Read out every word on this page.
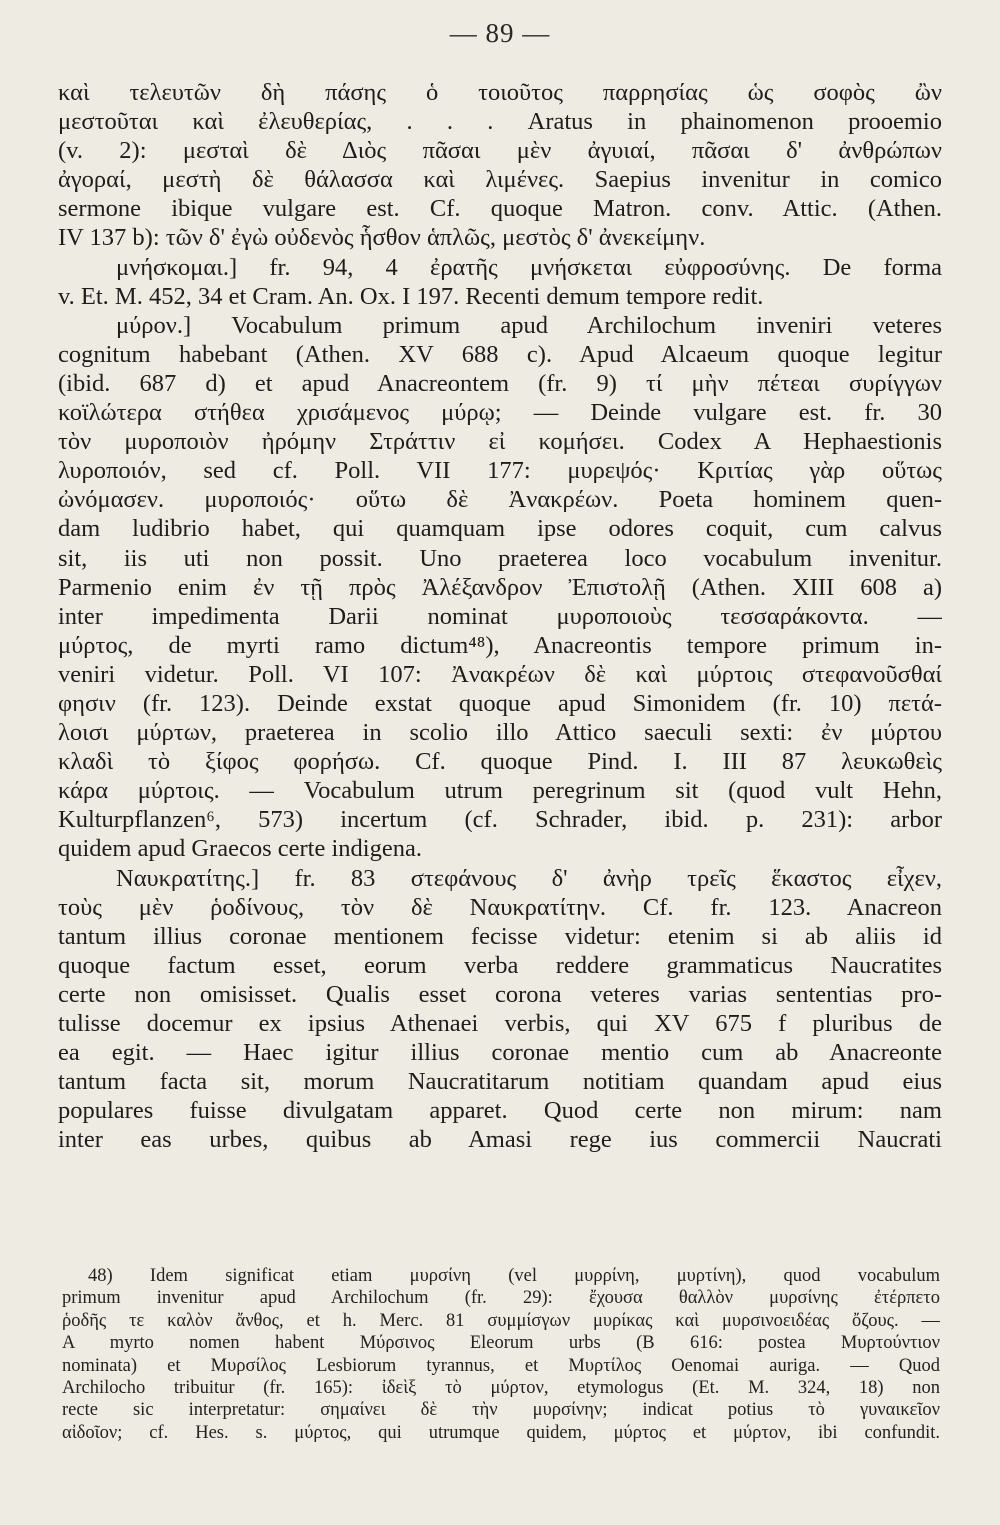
— 89 —
καὶ τελευτῶν δὴ πάσης ὁ τοιοῦτος παρρησίας ὡς σοφὸς ὢν
μεστοῦται καὶ ἐλευθερίας, . . . Aratus in phainomenon prooemio
(v. 2): μεσταὶ δὲ Διὸς πᾶσαι μὲν ἀγυιαί, πᾶσαι δ' ἀνθρώπων
ἀγοραί, μεστὴ δὲ θάλασσα καὶ λιμένες. Saepius invenitur in comico
sermone ibique vulgare est. Cf. quoque Matron. conv. Attic. (Athen.
IV 137 b): τῶν δ' ἐγὼ οὐδενὸς ἧσθον ἁπλῶς, μεστὸς δ' ἀνεκείμην.
μνήσκομαι.] fr. 94, 4 ἐρατῆς μνήσκεται εὐφροσύνης. De forma
v. Et. M. 452, 34 et Cram. An. Ox. I 197. Recenti demum tempore redit.
μύρον.] Vocabulum primum apud Archilochum inveniri veteres
cognitum habebant (Athen. XV 688 c). Apud Alcaeum quoque legitur
(ibid. 687 d) et apud Anacreontem (fr. 9) τί μὴν πέτεαι συρίγγων
κοϊλώτερα στήθεα χρισάμενος μύρῳ; — Deinde vulgare est. fr. 30
τὸν μυροποιὸν ἠρόμην Στράττιν εἰ κομήσει. Codex A Hephaestionis
λυροποιόν, sed cf. Poll. VII 177: μυρεψός· Κριτίας γὰρ οὕτως
ὠνόμασεν. μυροποιός· οὕτω δὲ Ἀνακρέων. Poeta hominem quen-
dam ludibrio habet, qui quamquam ipse odores coquit, cum calvus
sit, iis uti non possit. Uno praeterea loco vocabulum invenitur.
Parmenio enim ἐν τῇ πρὸς Ἀλέξανδρον Ἐπιστολῇ (Athen. XIII 608 a)
inter impedimenta Darii nominat μυροποιοὺς τεσσαράκοντα. —
μύρτος, de myrti ramo dictum⁴⁸), Anacreontis tempore primum in-
veniri videtur. Poll. VI 107: Ἀνακρέων δὲ καὶ μύρτοις στεφανοῦσθαί
φησιν (fr. 123). Deinde exstat quoque apud Simonidem (fr. 10) πετά-
λοισι μύρτων, praeterea in scolio illo Attico saeculi sexti: ἐν μύρτου
κλαδὶ τὸ ξίφος φορήσω. Cf. quoque Pind. I. III 87 λευκωθεὶς
κάρα μύρτοις. — Vocabulum utrum peregrinum sit (quod vult Hehn,
Kulturpflanzen⁶, 573) incertum (cf. Schrader, ibid. p. 231): arbor
quidem apud Graecos certe indigena.
Ναυκρατίτης.] fr. 83 στεφάνους δ' ἀνὴρ τρεῖς ἕκαστος εἶχεν,
τοὺς μὲν ῥοδίνους, τὸν δὲ Ναυκρατίτην. Cf. fr. 123. Anacreon
tantum illius coronae mentionem fecisse videtur: etenim si ab aliis id
quoque factum esset, eorum verba reddere grammaticus Naucratites
certe non omisisset. Qualis esset corona veteres varias sententias pro-
tulisse docemur ex ipsius Athenaei verbis, qui XV 675 f pluribus de
ea egit. — Haec igitur illius coronae mentio cum ab Anacreonte
tantum facta sit, morum Naucratitarum notitiam quandam apud eius
populares fuisse divulgatam apparet. Quod certe non mirum: nam
inter eas urbes, quibus ab Amasi rege ius commercii Naucrati
48) Idem significat etiam μυρσίνη (vel μυρρίνη, μυρτίνη), quod vocabulum
primum invenitur apud Archilochum (fr. 29): ἔχουσα θαλλὸν μυρσίνης ἐτέρπετο
ῥοδῆς τε καλὸν ἄνθος, et h. Merc. 81 συμμίσγων μυρίκας καὶ μυρσινοειδέας ὄζους. —
A myrto nomen habent Μύρσινος Eleorum urbs (B 616: postea Μυρτούντιον
nominata) et Μυρσίλος Lesbiorum tyrannus, et Μυρτίλος Oenomai auriga. — Quod
Archilocho tribuitur (fr. 165): ἰδεὶξ τὸ μύρτον, etymologus (Et. M. 324, 18) non
recte sic interpretatur: σημαίνει δὲ τὴν μυρσίνην; indicat potius τὸ γυναικεῖον
αἰδοῖον; cf. Hes. s. μύρτος, qui utrumque quidem, μύρτος et μύρτον, ibi confundit.
